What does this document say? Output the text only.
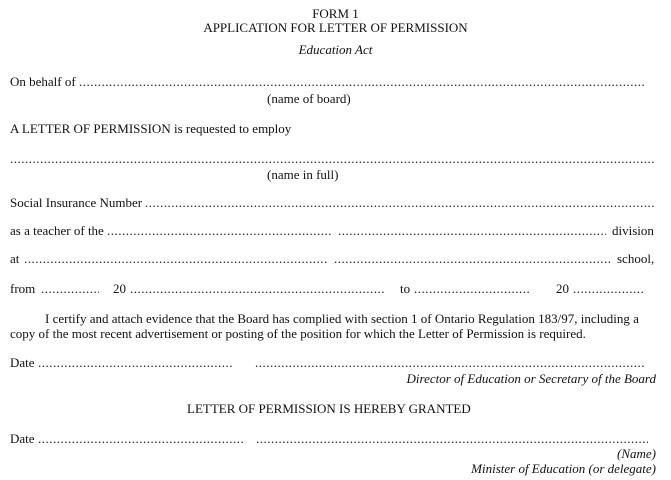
FORM 1
APPLICATION FOR LETTER OF PERMISSION
Education Act
On behalf of
.....
(name of board)
A LETTER OF PERMISSION is requested to employ
.....
(name in full)
Social Insurance Number
.....
as a teacher of the ..... .....	division
at ..... .....	school,
from .....	20 .....	to .....	20
.....
I certify and attach evidence that the Board has complied with section 1 of Ontario Regulation 183/97, including a copy of the most recent advertisement or posting of the position for which the Letter of Permission is required.
Date
.....
.....
Director of Education or Secretary of the Board
LETTER OF PERMISSION IS HEREBY GRANTED
Date
.....
.....
(Name)
Minister of Education (or delegate)
